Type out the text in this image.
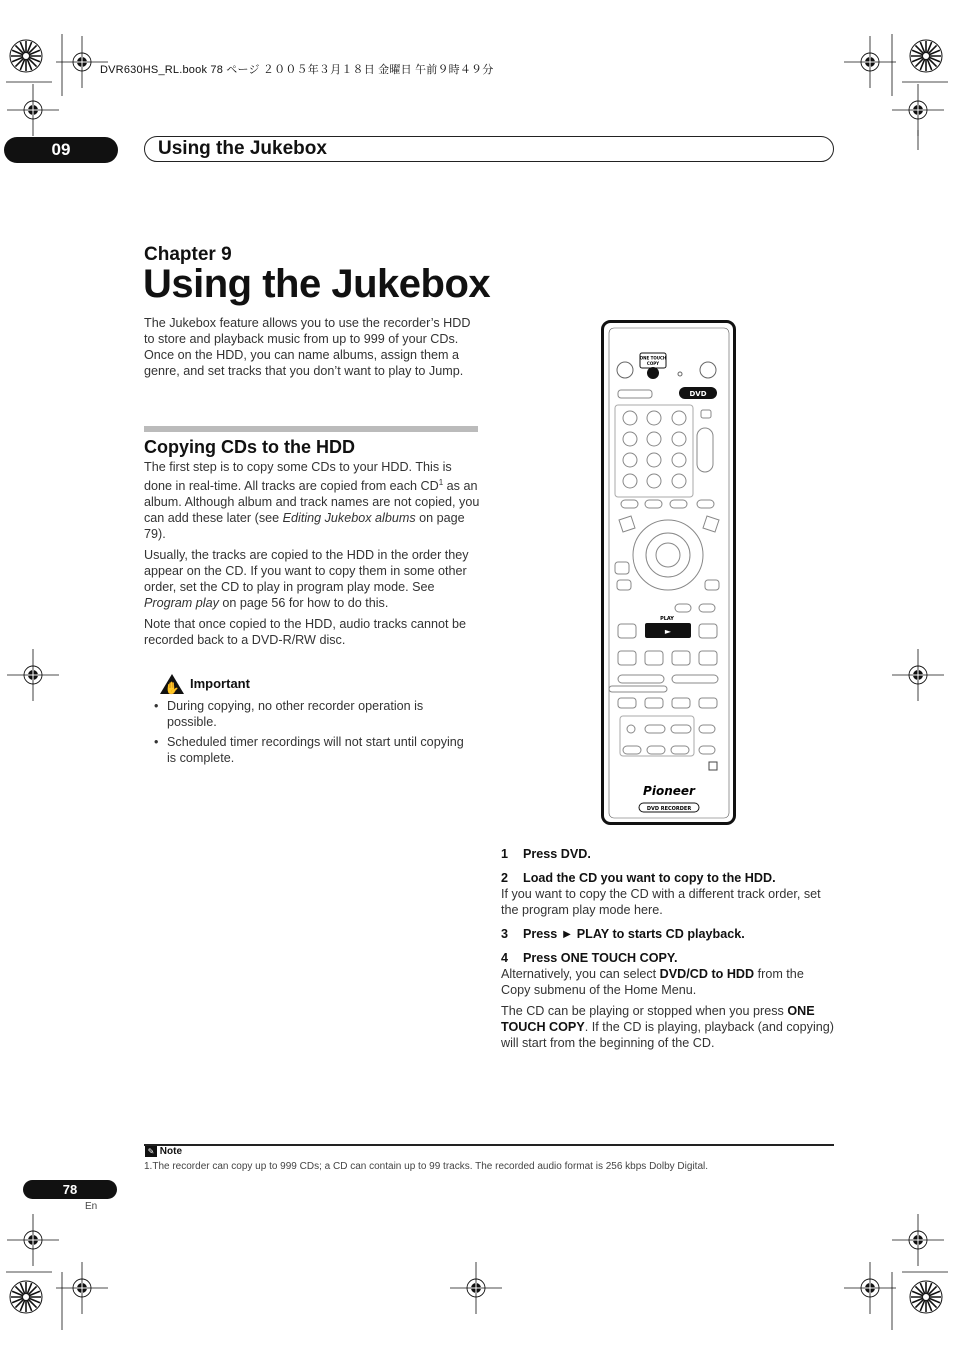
DVR630HS_RL.book 78 ページ ２００５年３月１８日 金曜日 午前９時４９分
09	Using the Jukebox
Chapter 9
Using the Jukebox
The Jukebox feature allows you to use the recorder’s HDD to store and playback music from up to 999 of your CDs. Once on the HDD, you can name albums, assign them a genre, and set tracks that you don’t want to play to Jump.
Copying CDs to the HDD

The first step is to copy some CDs to your HDD. This is done in real-time. All tracks are copied from each $CD^1$ as an album. Although album and track names are not copied, you can add these later (see Editing Jukebox albums on page 79).

Usually, the tracks are copied to the HDD in the order they appear on the CD. If you want to copy them in some other order, set the CD to play in program play mode. See Program play on page 56 for how to do this.

Note that once copied to the HDD, audio tracks cannot be recorded back to a DVD-R/RW disc.

✋ Important
• During copying, no other recorder operation is possible.
• Scheduled timer recordings will not start until copying is complete.
ONE TOUCH
COPY
DVD
PLAY
►
Pioneer
DVD RECORDER
1 Press DVD.
2 Load the CD you want to copy to the HDD.

If you want to copy the CD with a different track order, set the program play mode here.

3 Press ► PLAY to starts CD playback.
4 Press ONE TOUCH COPY.

Alternatively, you can select DVD/CD to HDD from the Copy submenu of the Home Menu.

The CD can be playing or stopped when you press ONE TOUCH COPY. If the CD is playing, playback (and copying) will start from the beginning of the CD.

✎ Note
1.The recorder can copy up to 999 CDs; a CD can contain up to 99 tracks. The recorded audio format is 256 kbps Dolby Digital.
78
En
